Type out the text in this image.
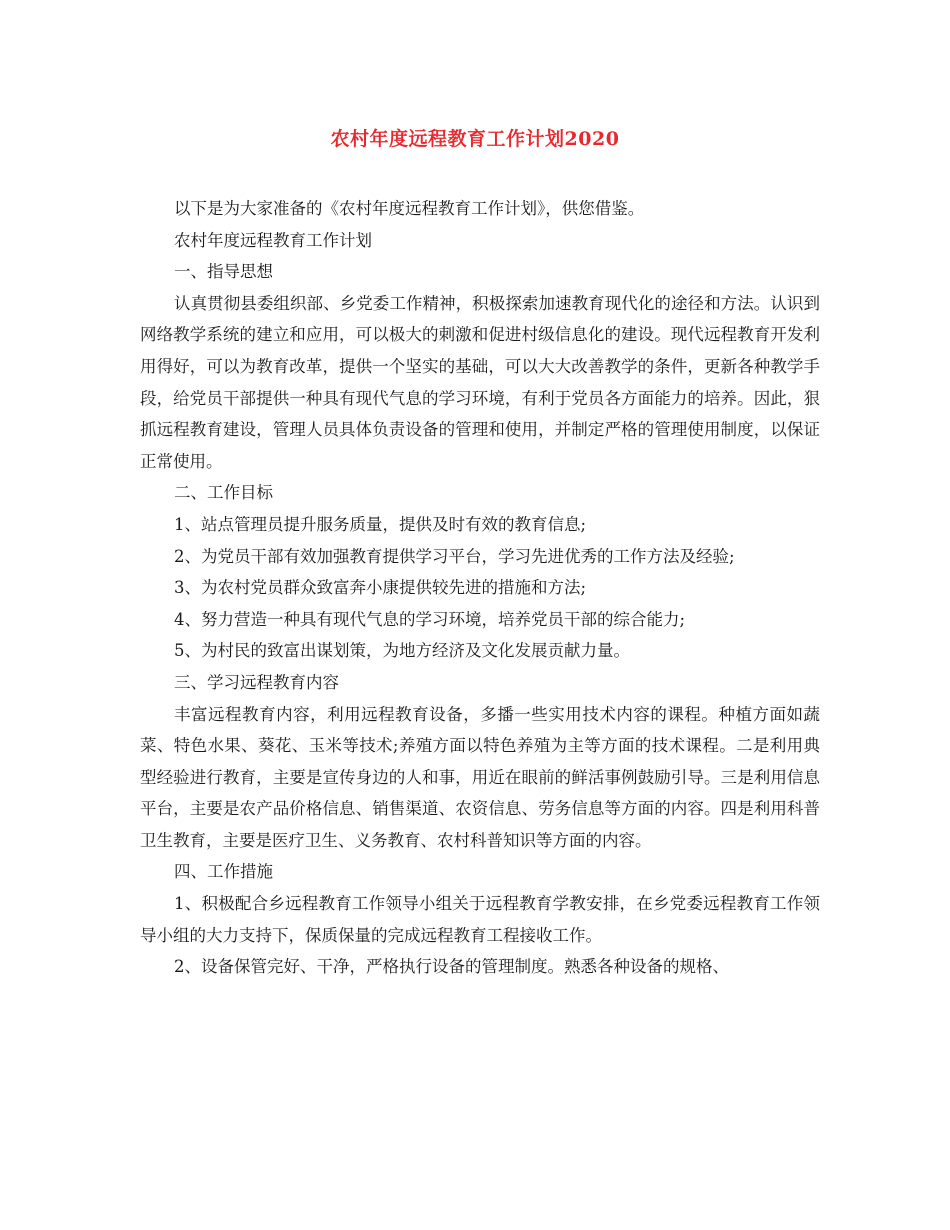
农村年度远程教育工作计划2020

以下是为大家准备的《农村年度远程教育工作计划》，供您借鉴。

农村年度远程教育工作计划

一、指导思想

认真贯彻县委组织部、乡党委工作精神，积极探索加速教育现代化的途径和方法。认识到网络教学系统的建立和应用，可以极大的刺激和促进村级信息化的建设。现代远程教育开发利用得好，可以为教育改革，提供一个坚实的基础，可以大大改善教学的条件，更新各种教学手段，给党员干部提供一种具有现代气息的学习环境，有利于党员各方面能力的培养。因此，狠抓远程教育建设，管理人员具体负责设备的管理和使用，并制定严格的管理使用制度，以保证正常使用。

二、工作目标

1、站点管理员提升服务质量，提供及时有效的教育信息;

2、为党员干部有效加强教育提供学习平台，学习先进优秀的工作方法及经验;

3、为农村党员群众致富奔小康提供较先进的措施和方法;

4、努力营造一种具有现代气息的学习环境，培养党员干部的综合能力;

5、为村民的致富出谋划策，为地方经济及文化发展贡献力量。

三、学习远程教育内容

丰富远程教育内容，利用远程教育设备，多播一些实用技术内容的课程。种植方面如蔬菜、特色水果、葵花、玉米等技术;养殖方面以特色养殖为主等方面的技术课程。二是利用典型经验进行教育，主要是宣传身边的人和事，用近在眼前的鲜活事例鼓励引导。三是利用信息平台，主要是农产品价格信息、销售渠道、农资信息、劳务信息等方面的内容。四是利用科普卫生教育，主要是医疗卫生、义务教育、农村科普知识等方面的内容。

四、工作措施

1、积极配合乡远程教育工作领导小组关于远程教育学教安排，在乡党委远程教育工作领导小组的大力支持下，保质保量的完成远程教育工程接收工作。

2、设备保管完好、干净，严格执行设备的管理制度。熟悉各种设备的规格、
